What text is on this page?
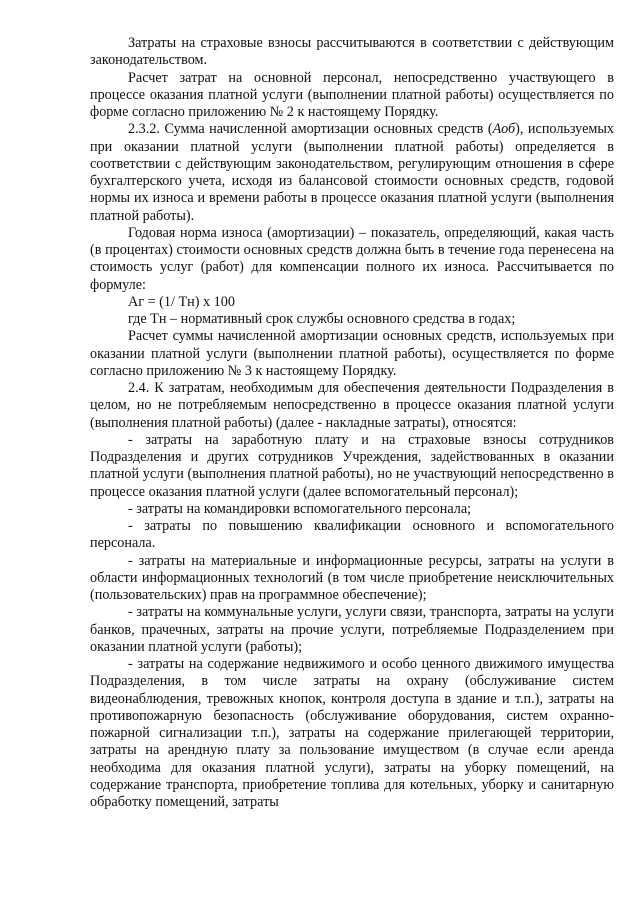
Затраты на страховые взносы рассчитываются в соответствии с действующим законодательством.

Расчет затрат на основной персонал, непосредственно участвующего в процессе оказания платной услуги (выполнении платной работы) осуществляется по форме согласно приложению № 2 к настоящему Порядку.

2.3.2. Сумма начисленной амортизации основных средств (Аоб), используемых при оказании платной услуги (выполнении платной работы) определяется в соответствии с действующим законодательством, регулирующим отношения в сфере бухгалтерского учета, исходя из балансовой стоимости основных средств, годовой нормы их износа и времени работы в процессе оказания платной услуги (выполнения платной работы).

Годовая норма износа (амортизации) – показатель, определяющий, какая часть (в процентах) стоимости основных средств должна быть в течение года перенесена на стоимость услуг (работ) для компенсации полного их износа. Рассчитывается по формуле:

Аг = (1/ Тн) x 100

где Тн – нормативный срок службы основного средства в годах;

Расчет суммы начисленной амортизации основных средств, используемых при оказании платной услуги (выполнении платной работы), осуществляется по форме согласно приложению № 3 к настоящему Порядку.

2.4. К затратам, необходимым для обеспечения деятельности Подразделения в целом, но не потребляемым непосредственно в процессе оказания платной услуги (выполнения платной работы) (далее - накладные затраты), относятся:

- затраты на заработную плату и на страховые взносы сотрудников Подразделения и других сотрудников Учреждения, задействованных в оказании платной услуги (выполнения платной работы), но не участвующий непосредственно в процессе оказания платной услуги (далее вспомогательный персонал);

- затраты на командировки вспомогательного персонала;

- затраты по повышению квалификации основного и вспомогательного персонала.

- затраты на материальные и информационные ресурсы, затраты на услуги в области информационных технологий (в том числе приобретение неисключительных (пользовательских) прав на программное обеспечение);

- затраты на коммунальные услуги, услуги связи, транспорта, затраты на услуги банков, прачечных, затраты на прочие услуги, потребляемые Подразделением при оказании платной услуги (работы);

- затраты на содержание недвижимого и особо ценного движимого имущества Подразделения, в том числе затраты на охрану (обслуживание систем видеонаблюдения, тревожных кнопок, контроля доступа в здание и т.п.), затраты на противопожарную безопасность (обслуживание оборудования, систем охранно-пожарной сигнализации т.п.), затраты на содержание прилегающей территории, затраты на арендную плату за пользование имуществом (в случае если аренда необходима для оказания платной услуги), затраты на уборку помещений, на содержание транспорта, приобретение топлива для котельных, уборку и санитарную обработку помещений, затраты
